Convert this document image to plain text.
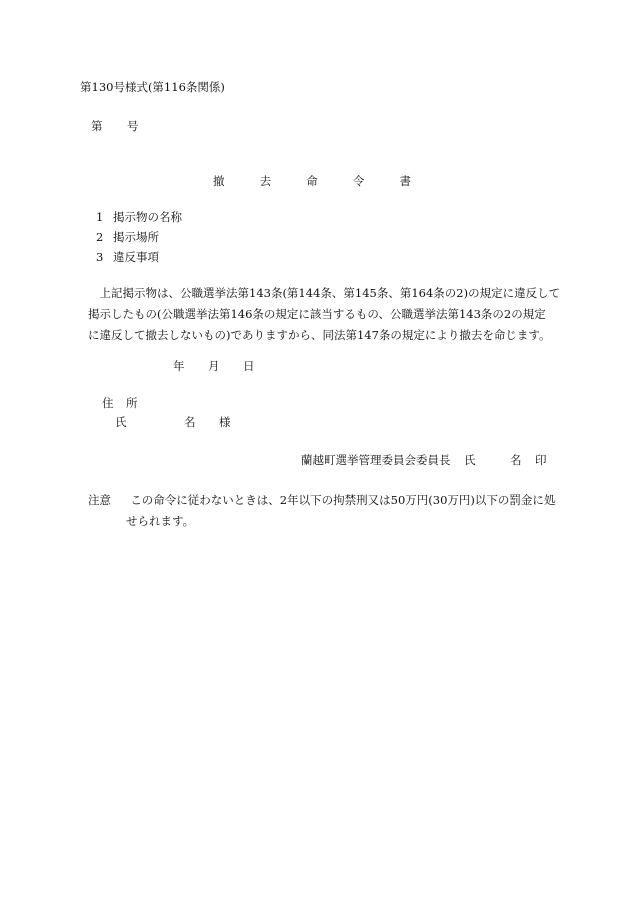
第130号様式(第116条関係)
第 号
撤	去	命	令	書
1 掲示物の名称
2 掲示場所
3 違反事項
　上記掲示物は、公職選挙法第143条(第144条、第145条、第164条の2)の規定に違反して
掲示したもの(公職選挙法第146条の規定に該当するもの、公職選挙法第143条の2の規定
に違反して撤去しないもの)でありますから、同法第147条の規定により撤去を命じます。
年 月 日
住 所
氏	名 様
蘭越町選挙管理委員会委員長 氏	名 印
注意 この命令に従わないときは、2年以下の拘禁刑又は50万円(30万円)以下の罰金に処
せられます。
